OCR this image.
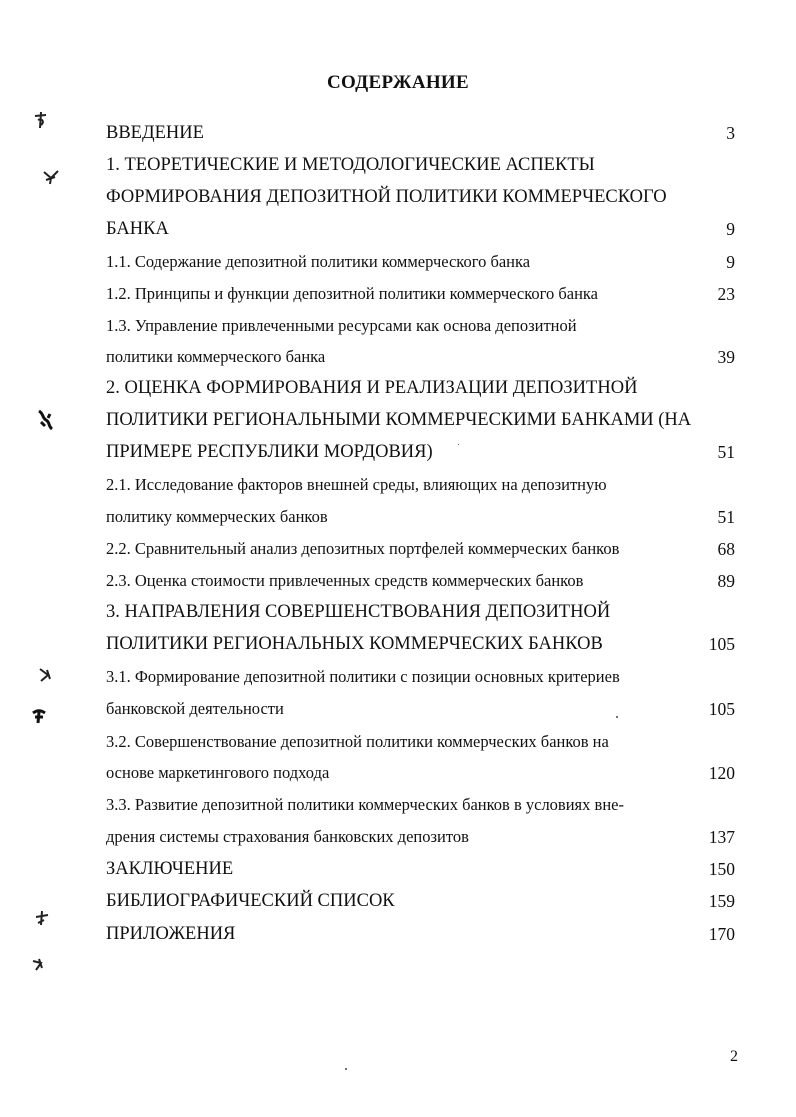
СОДЕРЖАНИЕ
ВВЕДЕНИЕ	3
1. ТЕОРЕТИЧЕСКИЕ И МЕТОДОЛОГИЧЕСКИЕ АСПЕКТЫ
ФОРМИРОВАНИЯ ДЕПОЗИТНОЙ ПОЛИТИКИ КОММЕРЧЕСКОГО
БАНКА	9
1.1. Содержание депозитной политики коммерческого банка	9
1.2. Принципы и функции депозитной политики коммерческого банка	23
1.3. Управление привлеченными ресурсами как основа депозитной
политики коммерческого банка	39
2. ОЦЕНКА ФОРМИРОВАНИЯ И РЕАЛИЗАЦИИ ДЕПОЗИТНОЙ
ПОЛИТИКИ РЕГИОНАЛЬНЫМИ КОММЕРЧЕСКИМИ БАНКАМИ (НА
ПРИМЕРЕ РЕСПУБЛИКИ МОРДОВИЯ)	51
2.1. Исследование факторов внешней среды, влияющих на депозитную
политику коммерческих банков	51
2.2. Сравнительный анализ депозитных портфелей коммерческих банков	68
2.3. Оценка стоимости привлеченных средств коммерческих банков	89
3. НАПРАВЛЕНИЯ СОВЕРШЕНСТВОВАНИЯ ДЕПОЗИТНОЙ
ПОЛИТИКИ РЕГИОНАЛЬНЫХ КОММЕРЧЕСКИХ БАНКОВ	105
3.1. Формирование депозитной политики с позиции основных критериев
банковской деятельности	105
3.2. Совершенствование депозитной политики коммерческих банков на
основе маркетингового подхода	120
3.3. Развитие депозитной политики коммерческих банков в условиях вне-
дрения системы страхования банковских депозитов	137
ЗАКЛЮЧЕНИЕ	150
БИБЛИОГРАФИЧЕСКИЙ СПИСОК	159
ПРИЛОЖЕНИЯ	170
2
